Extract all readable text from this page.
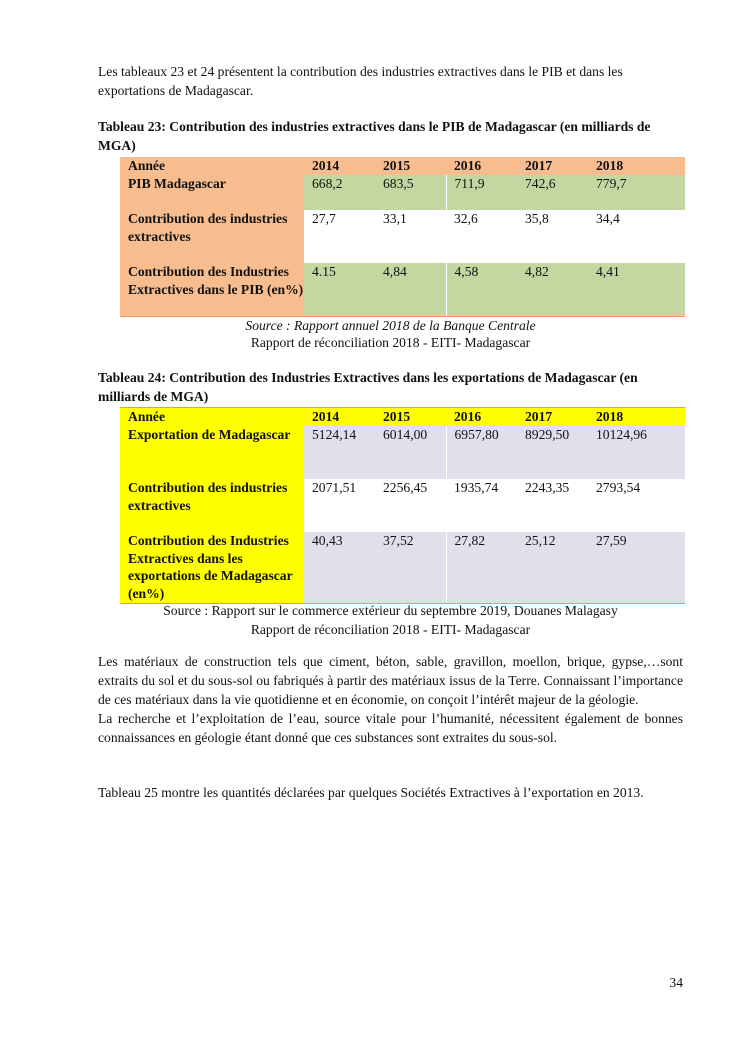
Les tableaux 23 et 24 présentent la contribution des industries extractives dans le PIB et dans les exportations de Madagascar.

Tableau 23: Contribution des industries extractives dans le PIB de Madagascar (en milliards de MGA)
Année	2014	2015	2016	2017	2018
PIB Madagascar	668,2	683,5	711,9	742,6	779,7
Contribution des industries extractives	27,7	33,1	32,6	35,8	34,4
Contribution des Industries Extractives dans le PIB (en%)	4.15	4,84	4,58	4,82	4,41
Source : Rapport annuel 2018 de la Banque Centrale
Rapport de réconciliation 2018 - EITI- Madagascar
Tableau 24: Contribution des Industries Extractives dans les exportations de Madagascar (en milliards de MGA)
Année	2014	2015	2016	2017	2018
Exportation de Madagascar	5124,14	6014,00	6957,80	8929,50	10124,96
Contribution des industries extractives	2071,51	2256,45	1935,74	2243,35	2793,54
Contribution des Industries Extractives dans les exportations de Madagascar (en%)	40,43	37,52	27,82	25,12	27,59
Source : Rapport sur le commerce extérieur du septembre 2019, Douanes Malagasy
Rapport de réconciliation 2018 - EITI- Madagascar

Les matériaux de construction tels que ciment, béton, sable, gravillon, moellon, brique, gypse,…sont extraits du sol et du sous-sol ou fabriqués à partir des matériaux issus de la Terre. Connaissant l’importance de ces matériaux dans la vie quotidienne et en économie, on conçoit l’intérêt majeur de la géologie.

La recherche et l’exploitation de l’eau, source vitale pour l’humanité, nécessitent également de bonnes connaissances en géologie étant donné que ces substances sont extraites du sous-sol.

Tableau 25 montre les quantités déclarées par quelques Sociétés Extractives à l’exportation en 2013.

34
